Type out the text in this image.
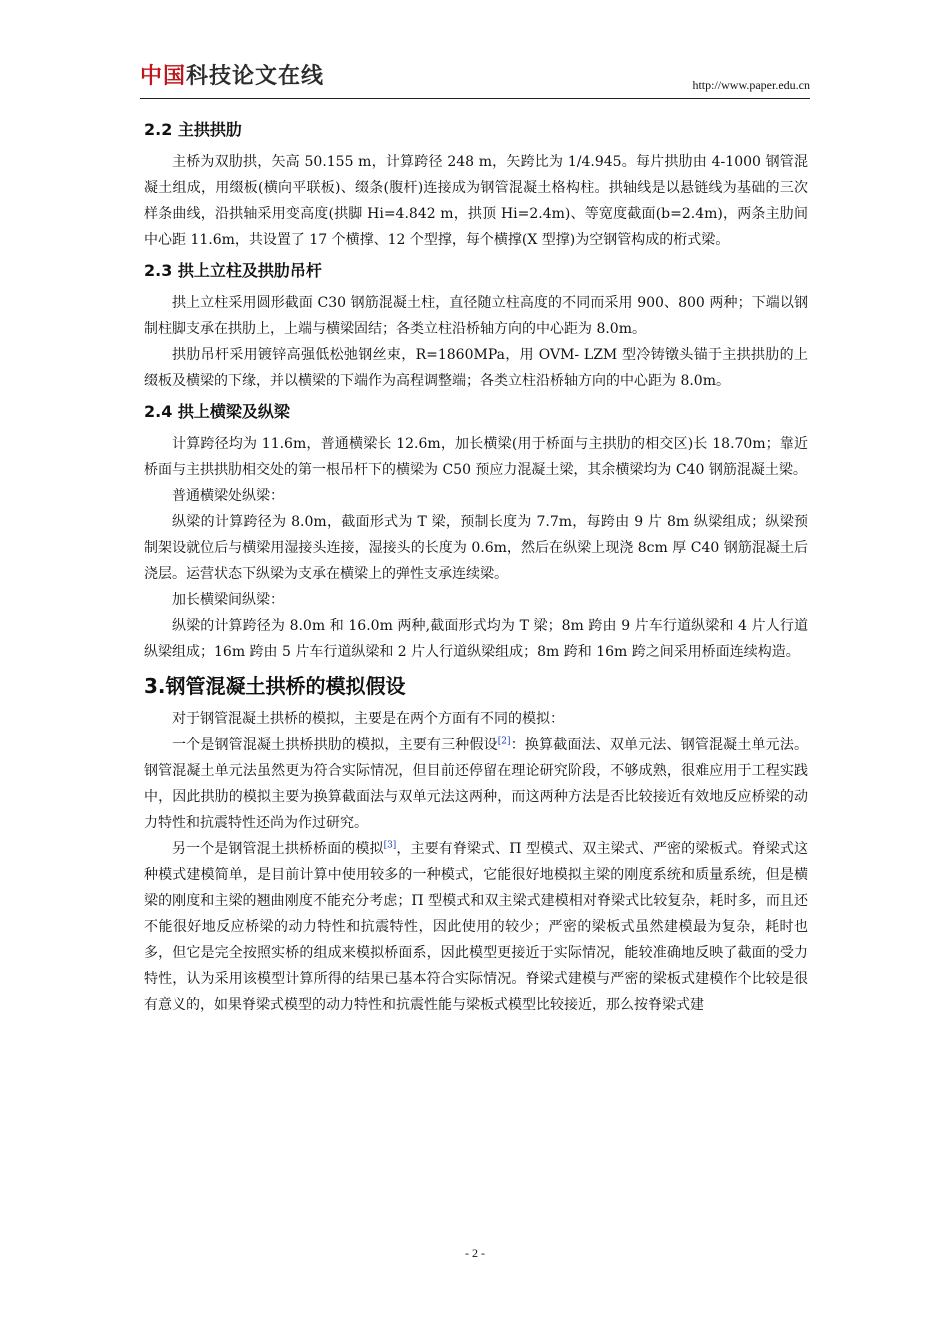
中国科技论文在线	http://www.paper.edu.cn
2.2 主拱拱肋

主桥为双肋拱，矢高 50.155 m，计算跨径 248 m，矢跨比为 1/4.945。每片拱肋由 4-1000 钢管混凝土组成，用缀板(横向平联板)、缀条(腹杆)连接成为钢管混凝土格构柱。拱轴线是以悬链线为基础的三次样条曲线，沿拱轴采用变高度(拱脚 Hi=4.842 m，拱顶 Hi=2.4m)、等宽度截面(b=2.4m)，两条主肋间中心距 11.6m，共设置了 17 个横撑、12 个型撑，每个横撑(X 型撑)为空钢管构成的桁式梁。

2.3 拱上立柱及拱肋吊杆

拱上立柱采用圆形截面 C30 钢筋混凝土柱，直径随立柱高度的不同而采用 900、800 两种；下端以钢制柱脚支承在拱肋上，上端与横梁固结；各类立柱沿桥轴方向的中心距为 8.0m。

拱肋吊杆采用镀锌高强低松弛钢丝束，R=1860MPa，用 OVM- LZM 型冷铸镦头锚于主拱拱肋的上缀板及横梁的下缘，并以横梁的下端作为高程调整端；各类立柱沿桥轴方向的中心距为 8.0m。

2.4 拱上横梁及纵梁

计算跨径均为 11.6m，普通横梁长 12.6m，加长横梁(用于桥面与主拱肋的相交区)长 18.70m；靠近桥面与主拱拱肋相交处的第一根吊杆下的横梁为 C50 预应力混凝土梁，其余横梁均为 C40 钢筋混凝土梁。

普通横梁处纵梁：

纵梁的计算跨径为 8.0m，截面形式为 T 梁，预制长度为 7.7m，每跨由 9 片 8m 纵梁组成；纵梁预制架设就位后与横梁用湿接头连接，湿接头的长度为 0.6m，然后在纵梁上现浇 8cm 厚 C40 钢筋混凝土后浇层。运营状态下纵梁为支承在横梁上的弹性支承连续梁。

加长横梁间纵梁：

纵梁的计算跨径为 8.0m 和 16.0m 两种,截面形式均为 T 梁；8m 跨由 9 片车行道纵梁和 4 片人行道纵梁组成；16m 跨由 5 片车行道纵梁和 2 片人行道纵梁组成；8m 跨和 16m 跨之间采用桥面连续构造。

3.钢管混凝土拱桥的模拟假设

对于钢管混凝土拱桥的模拟，主要是在两个方面有不同的模拟：

一个是钢管混凝土拱桥拱肋的模拟，主要有三种假设[2]：换算截面法、双单元法、钢管混凝土单元法。钢管混凝土单元法虽然更为符合实际情况，但目前还停留在理论研究阶段，不够成熟，很难应用于工程实践中，因此拱肋的模拟主要为换算截面法与双单元法这两种，而这两种方法是否比较接近有效地反应桥梁的动力特性和抗震特性还尚为作过研究。

另一个是钢管混土拱桥桥面的模拟[3]，主要有脊梁式、Π 型模式、双主梁式、严密的梁板式。脊梁式这种模式建模简单，是目前计算中使用较多的一种模式，它能很好地模拟主梁的刚度系统和质量系统，但是横梁的刚度和主梁的翘曲刚度不能充分考虑；Π 型模式和双主梁式建模相对脊梁式比较复杂，耗时多，而且还不能很好地反应桥梁的动力特性和抗震特性，因此使用的较少；严密的梁板式虽然建模最为复杂，耗时也多，但它是完全按照实桥的组成来模拟桥面系，因此模型更接近于实际情况，能较准确地反映了截面的受力特性，认为采用该模型计算所得的结果已基本符合实际情况。脊梁式建模与严密的梁板式建模作个比较是很有意义的，如果脊梁式模型的动力特性和抗震性能与梁板式模型比较接近，那么按脊梁式建

- 2 -
